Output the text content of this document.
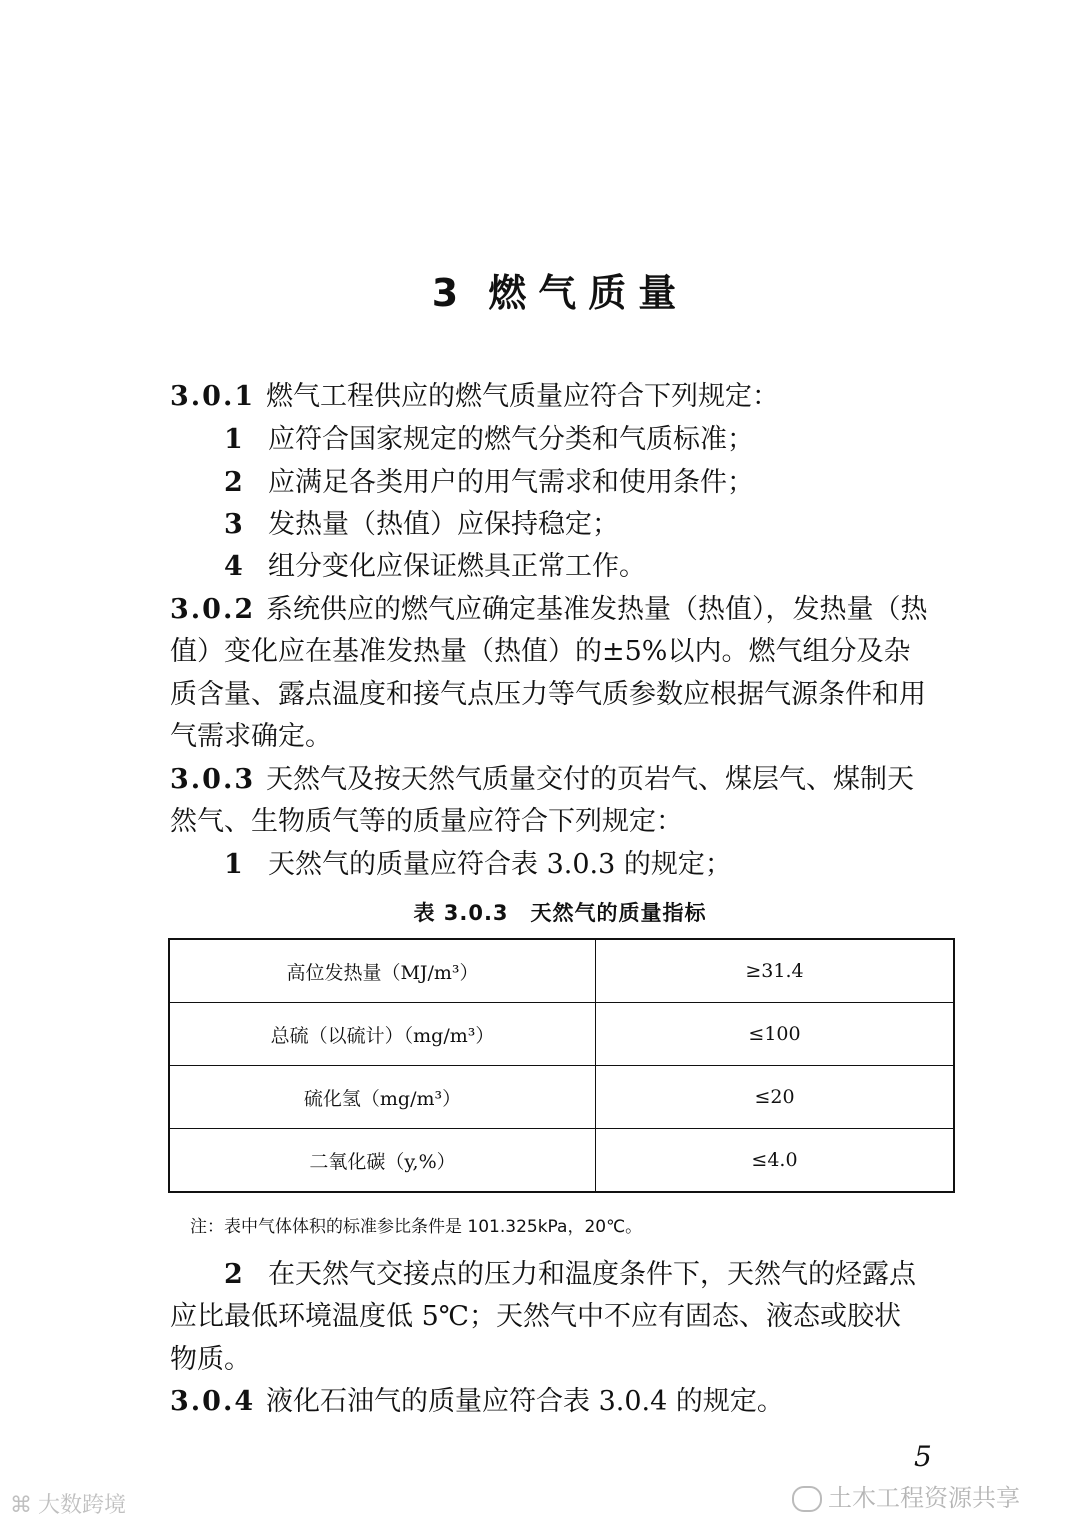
3 燃气质量
3.0.1 燃气工程供应的燃气质量应符合下列规定：
1 应符合国家规定的燃气分类和气质标准；
2 应满足各类用户的用气需求和使用条件；
3 发热量（热值）应保持稳定；
4 组分变化应保证燃具正常工作。
3.0.2 系统供应的燃气应确定基准发热量（热值），发热量（热
值）变化应在基准发热量（热值）的±5%以内。燃气组分及杂
质含量、露点温度和接气点压力等气质参数应根据气源条件和用
气需求确定。
3.0.3 天然气及按天然气质量交付的页岩气、煤层气、煤制天
然气、生物质气等的质量应符合下列规定：
1 天然气的质量应符合表 3.0.3 的规定；
表 3.0.3 天然气的质量指标
高位发热量（MJ/m³）	≥31.4
总硫（以硫计）（mg/m³）	≤100
硫化氢（mg/m³）	≤20
二氧化碳（y,%）	≤4.0
注：表中气体体积的标准参比条件是 101.325kPa，20℃。
2 在天然气交接点的压力和温度条件下，天然气的烃露点
应比最低环境温度低 5℃；天然气中不应有固态、液态或胶状
物质。
3.0.4 液化石油气的质量应符合表 3.0.4 的规定。
5
⌘ 大数跨境	土木工程资源共享
